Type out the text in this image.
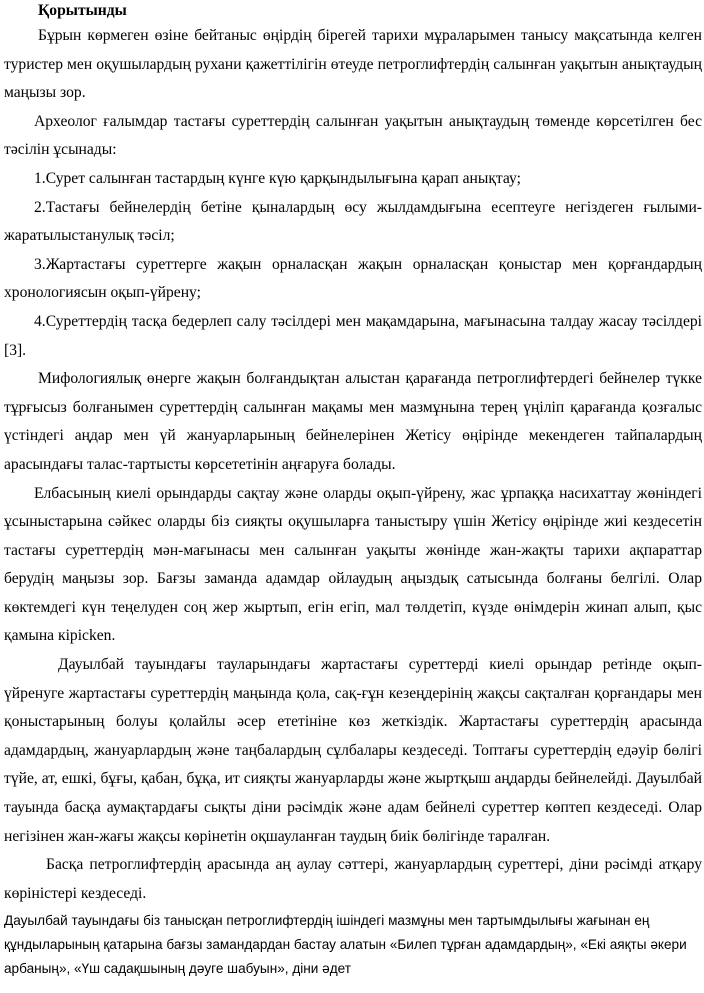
Қорытынды

Бұрын көрмеген өзіне бейтаныс өңірдің бірегей тарихи мұраларымен танысу мақсатында келген туристер мен оқушылардың рухани қажеттілігін өтеуде петроглифтердің салынған уақытын анықтаудың маңызы зор.

Археолог ғалымдар тастағы суреттердің салынған уақытын анықтаудың төменде көрсетілген бес тәсілін ұсынады:

1.Сурет салынған тастардың күнге күю қарқындылығына қарап анықтау;

2.Тастағы бейнелердің бетіне қыналардың өсу жылдамдығына есептеуге негіздеген ғылыми-жаратылыстанулық тәсіл;

3.Жартастағы суреттерге жақын орналасқан жақын орналасқан қоныстар мен қорғандардың хронологиясын оқып-үйрену;

4.Суреттердің тасқа бедерлеп салу тәсілдері мен мақамдарына, мағынасына талдау жасау тәсілдері [3].

Мифологиялық өнерге жақын болғандықтан алыстан қарағанда петроглифтердегі бейнелер түкке тұрғысыз болғанымен суреттердің салынған мақамы мен мазмұнына терең үңіліп қарағанда қозғалыс үстіндегі аңдар мен үй жануарларының бейнелерінен Жетісу өңірінде мекендеген тайпалардың арасындағы талас-тартысты көрсететінін аңғаруға болады.

Елбасының киелі орындарды сақтау және оларды оқып-үйрену, жас ұрпаққа насихаттау жөніндегі ұсыныстарына сәйкес оларды біз сияқты оқушыларға таныстыру үшін Жетісу өңірінде жиі кездесетін тастағы суреттердің мән-мағынасы мен салынған уақыты жөнінде жан-жақты тарихи ақпараттар берудің маңызы зор. Бағзы заманда адамдар ойлаудың аңыздық сатысында болғаны белгілі. Олар көктемдегі күн теңелуден соң жер жыртып, егін егіп, мал төлдетіп, күзде өнімдерін жинап алып, қыс қамына кірісken.

Дауылбай тауындағы тауларындағы жартастағы суреттерді киелі орындар ретінде оқып-үйренуге жартастағы суреттердің маңында қола, сақ-ғұн кезеңдерінің жақсы сақталған қорғандары мен қоныстарының болуы қолайлы әсер ететініне көз жеткіздік. Жартастағы суреттердің арасында адамдардың, жануарлардың және таңбалардың сұлбалары кездеседі. Топтағы суреттердің едәуір бөлігі түйе, ат, ешкі, бұғы, қабан, бұқа, ит сияқты жануарларды және жыртқыш аңдарды бейнелейді. Дауылбай тауында басқа аумақтардағы сықты діни рәсімдік және адам бейнелі суреттер көптеп кездеседі. Олар негізінен жан-жағы жақсы көрінетін оқшауланған таудың биік бөлігінде таралған.

Басқа петроглифтердің арасында аң аулау сәттері, жануарлардың суреттері, діни рәсімді атқару көріністері кездеседі.

Дауылбай тауындағы біз танысқан петроглифтердің ішіндегі мазмұны мен тартымдылығы жағынан ең құндыларының қатарына бағзы замандардан бастау алатын «Билеп тұрған адамдардың», «Екі аяқты әкери арбаның», «Үш садақшының дәуге шабуын», діни әдет
